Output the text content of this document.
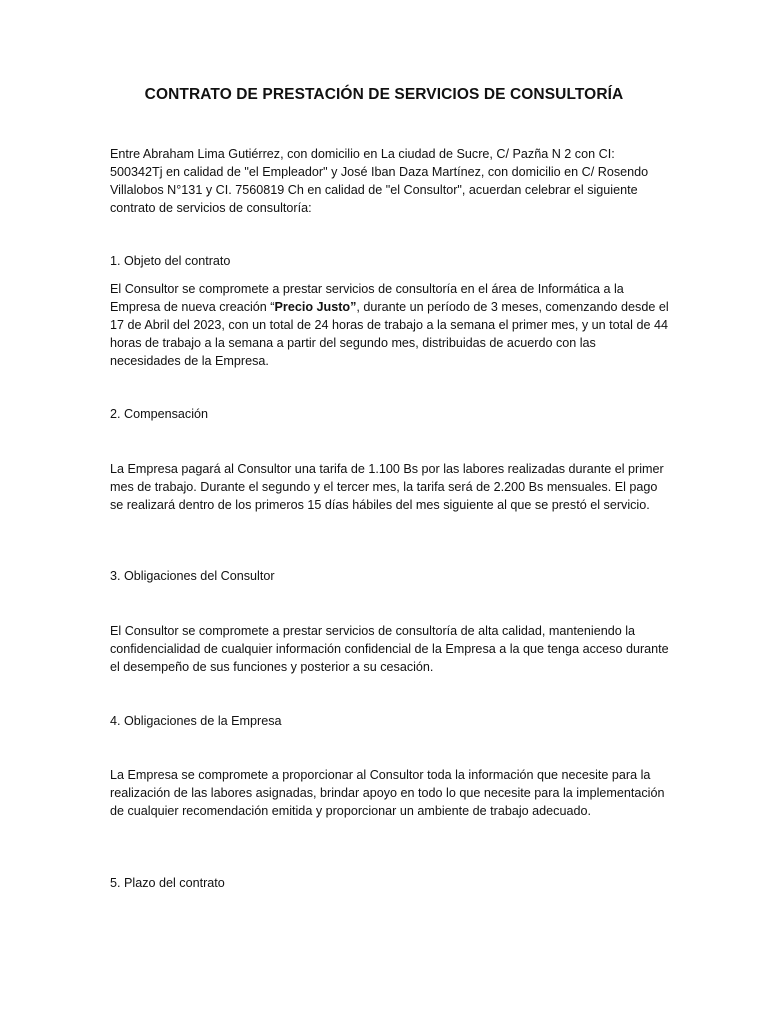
CONTRATO DE PRESTACIÓN DE SERVICIOS DE CONSULTORÍA
Entre Abraham Lima Gutiérrez, con domicilio en La ciudad de Sucre, C/ Pazña N 2 con CI: 500342Tj en calidad de "el Empleador" y José Iban Daza Martínez, con domicilio en C/ Rosendo Villalobos N°131 y CI. 7560819 Ch en calidad de "el Consultor", acuerdan celebrar el siguiente contrato de servicios de consultoría:
1. Objeto del contrato
El Consultor se compromete a prestar servicios de consultoría en el área de Informática a la Empresa de nueva creación “Precio Justo”, durante un período de 3 meses, comenzando desde el 17 de Abril del 2023, con un total de 24 horas de trabajo a la semana el primer mes, y un total de 44 horas de trabajo a la semana a partir del segundo mes, distribuidas de acuerdo con las necesidades de la Empresa.
2. Compensación
La Empresa pagará al Consultor una tarifa de 1.100 Bs por las labores realizadas durante el primer mes de trabajo. Durante el segundo y el tercer mes, la tarifa será de 2.200 Bs mensuales. El pago se realizará dentro de los primeros 15 días hábiles del mes siguiente al que se prestó el servicio.
3. Obligaciones del Consultor
El Consultor se compromete a prestar servicios de consultoría de alta calidad, manteniendo la confidencialidad de cualquier información confidencial de la Empresa a la que tenga acceso durante el desempeño de sus funciones y posterior a su cesación.
4. Obligaciones de la Empresa
La Empresa se compromete a proporcionar al Consultor toda la información que necesite para la realización de las labores asignadas, brindar apoyo en todo lo que necesite para la implementación de cualquier recomendación emitida y proporcionar un ambiente de trabajo adecuado.
5. Plazo del contrato
